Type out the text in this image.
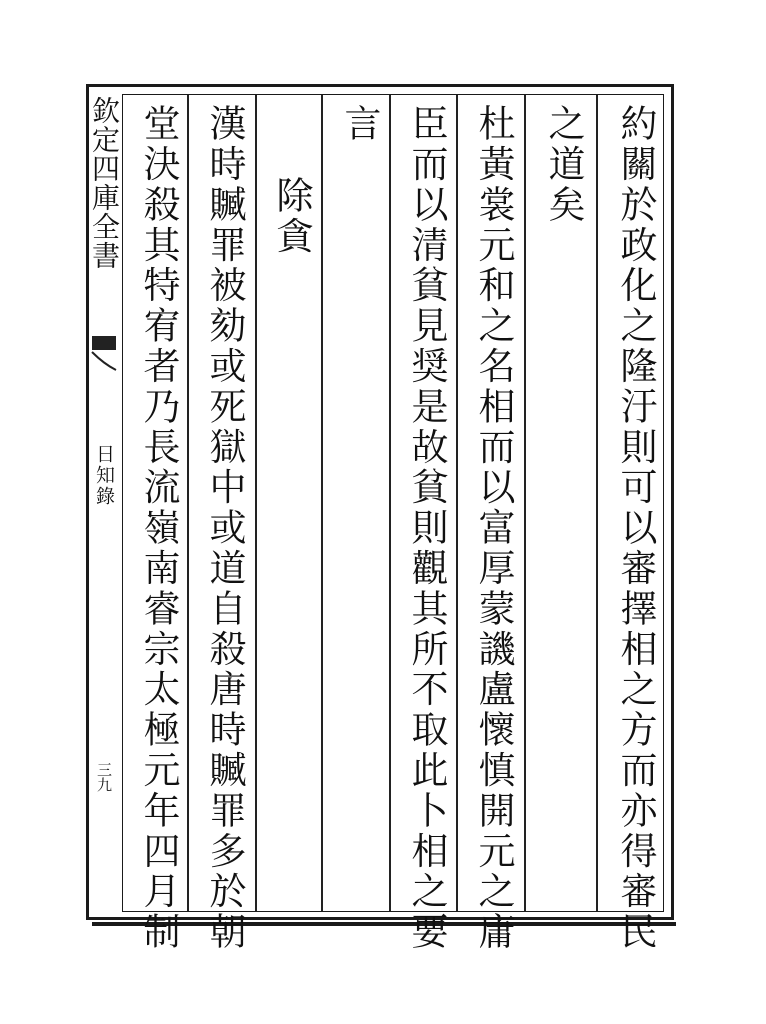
欽定四庫全書
日知錄
三九	約關於政化之隆汙則可以審擇相之方而亦得審民
之道矣
杜黃裳元和之名相而以富厚蒙譏盧懷慎開元之庸
臣而以清貧見奨是故貧則觀其所不取此卜相之要
言
除貪
漢時贓罪被劾或死獄中或道自殺唐時贓罪多於朝
堂決殺其特宥者乃長流嶺南睿宗太極元年四月制
